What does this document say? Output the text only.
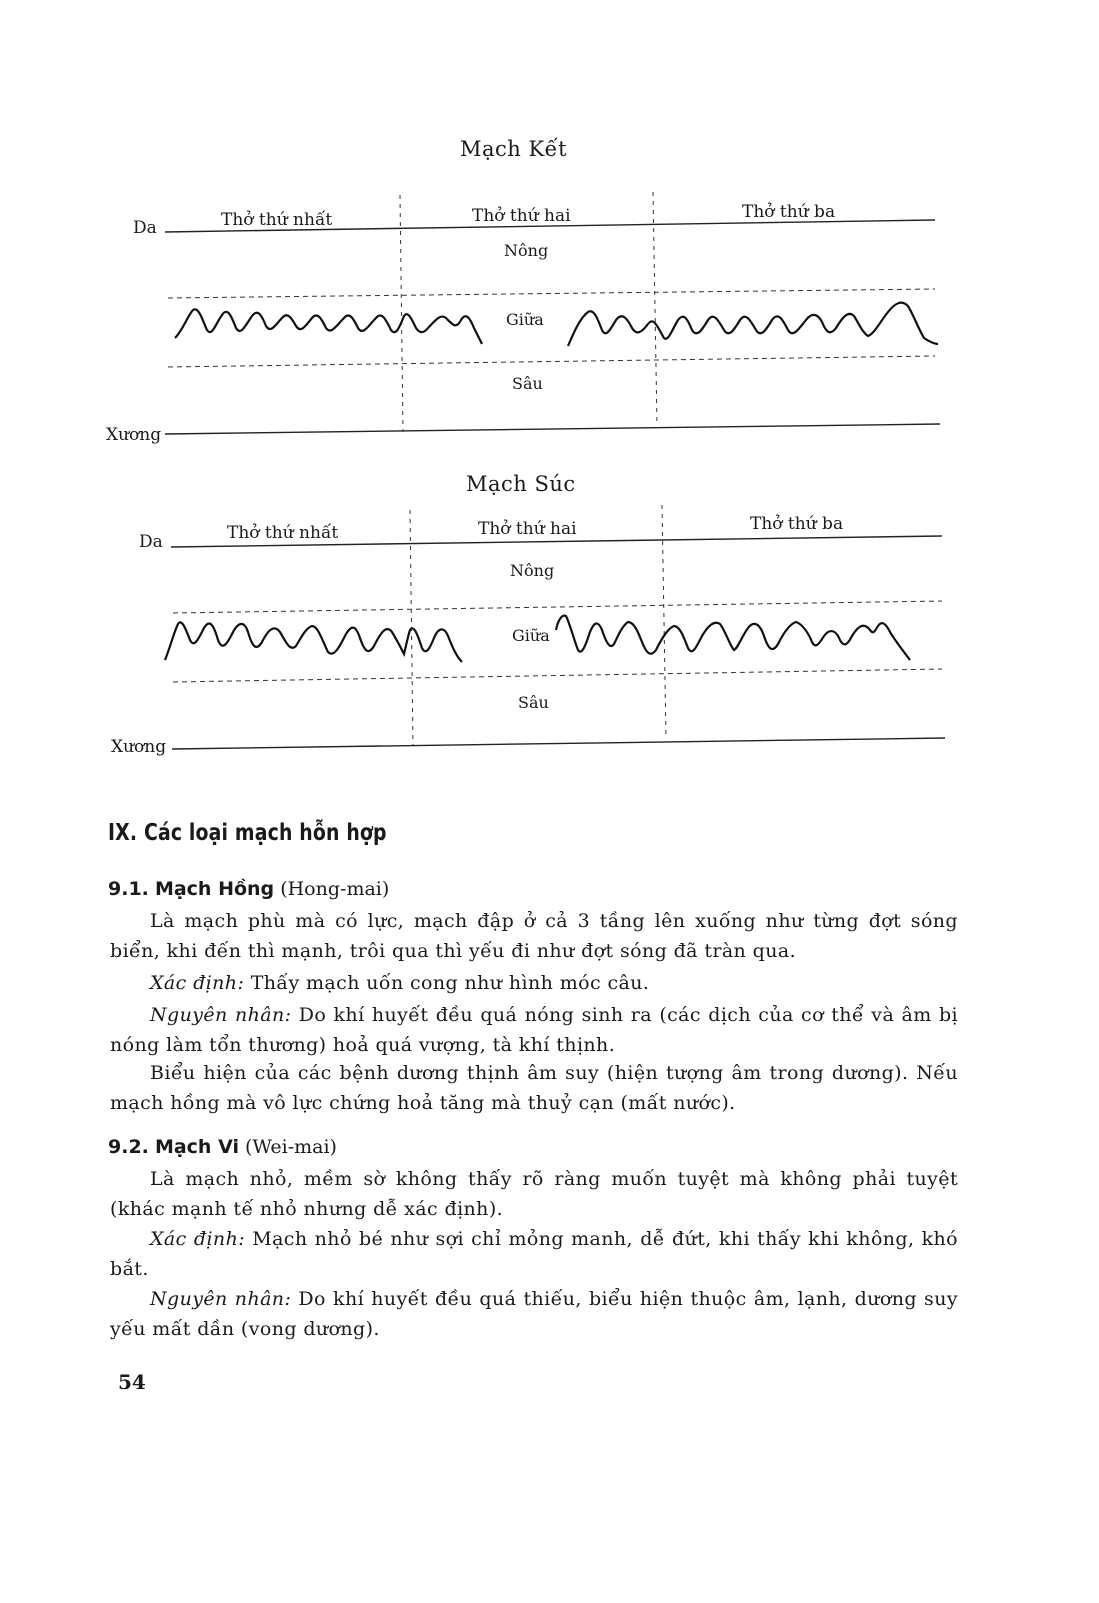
Mạch Kết
Da
Xương
Thở thứ nhất	Thở thứ hai	Thở thứ ba
Nông
Giữa
Sâu
Mạch Súc
Da
Xương
Thở thứ nhất	Thở thứ hai	Thở thứ ba
Nông
Giữa
Sâu
IX. Các loại mạch hỗn hợp
9.1. Mạch Hồng (Hong-mai)
Là mạch phù mà có lực, mạch đập ở cả 3 tầng lên xuống như từng đợt sóng biển, khi đến thì mạnh, trôi qua thì yếu đi như đợt sóng đã tràn qua.
Xác định: Thấy mạch uốn cong như hình móc câu.
Nguyên nhân: Do khí huyết đều quá nóng sinh ra (các dịch của cơ thể và âm bị nóng làm tổn thương) hoả quá vượng, tà khí thịnh.
Biểu hiện của các bệnh dương thịnh âm suy (hiện tượng âm trong dương). Nếu mạch hồng mà vô lực chứng hoả tăng mà thuỷ cạn (mất nước).
9.2. Mạch Vi (Wei-mai)
Là mạch nhỏ, mềm sờ không thấy rõ ràng muốn tuyệt mà không phải tuyệt (khác mạnh tế nhỏ nhưng dễ xác định).
Xác định: Mạch nhỏ bé như sợi chỉ mỏng manh, dễ đứt, khi thấy khi không, khó bắt.
Nguyên nhân: Do khí huyết đều quá thiếu, biểu hiện thuộc âm, lạnh, dương suy yếu mất dần (vong dương).
54
